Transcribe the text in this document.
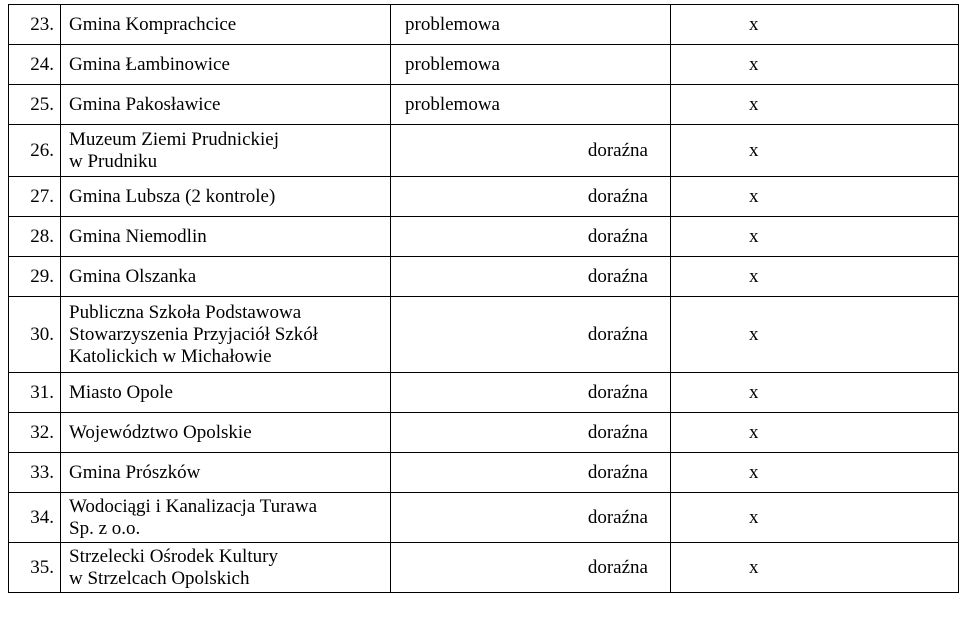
23.	Gmina Komprachcice	problemowa	x
24.	Gmina Łambinowice	problemowa	x
25.	Gmina Pakosławice	problemowa	x
26.	Muzeum Ziemi Prudnickiej
w Prudniku	doraźna	x
27.	Gmina Lubsza (2 kontrole)	doraźna	x
28.	Gmina Niemodlin	doraźna	x
29.	Gmina Olszanka	doraźna	x
30.	Publiczna Szkoła Podstawowa
Stowarzyszenia Przyjaciół Szkół
Katolickich w Michałowie	doraźna	x
31.	Miasto Opole	doraźna	x
32.	Województwo Opolskie	doraźna	x
33.	Gmina Prószków	doraźna	x
34.	Wodociągi i Kanalizacja Turawa
Sp. z o.o.	doraźna	x
35.	Strzelecki Ośrodek Kultury
w Strzelcach Opolskich	doraźna	x
